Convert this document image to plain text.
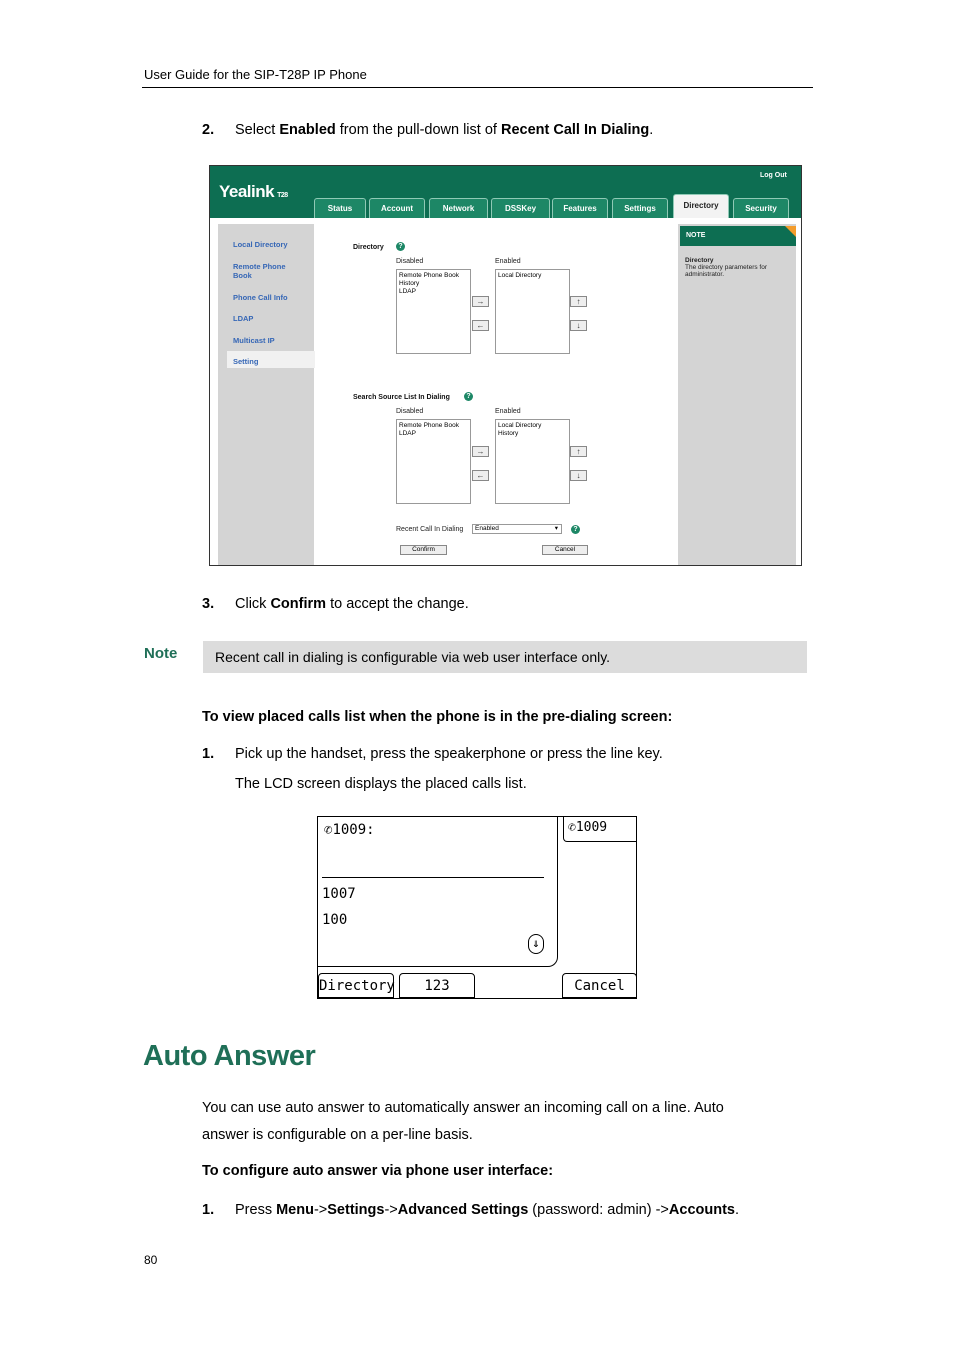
User Guide for the SIP-T28P IP Phone
2. Select Enabled from the pull-down list of Recent Call In Dialing.
Yealink T28
Log Out
Status	Account	Network	DSSKey	Features	Settings	Directory	Security
Local Directory
Remote Phone Book
Phone Call Info
LDAP
Multicast IP
Setting
NOTE
Directory
The directory parameters for administrator.
Directory	?
Disabled	Enabled
Remote Phone Book
History
LDAP
Local Directory
→
←
↑
↓
Search Source List In Dialing	?
Disabled	Enabled
Remote Phone Book
LDAP
Local Directory
History
→
←
↑
↓
Recent Call In Dialing	Enabled	▾	?
Confirm	Cancel
3. Click Confirm to accept the change.
Note	Recent call in dialing is configurable via web user interface only.
To view placed calls list when the phone is in the pre-dialing screen:
1. Pick up the handset, press the speakerphone or press the line key.
The LCD screen displays the placed calls list.
✆1009:
1007
100
⇓
✆1009
Directory	123	Cancel
Auto Answer
You can use auto answer to automatically answer an incoming call on a line. Auto
answer is configurable on a per-line basis.
To configure auto answer via phone user interface:
1. Press Menu->Settings->Advanced Settings (password: admin) ->Accounts.
80
